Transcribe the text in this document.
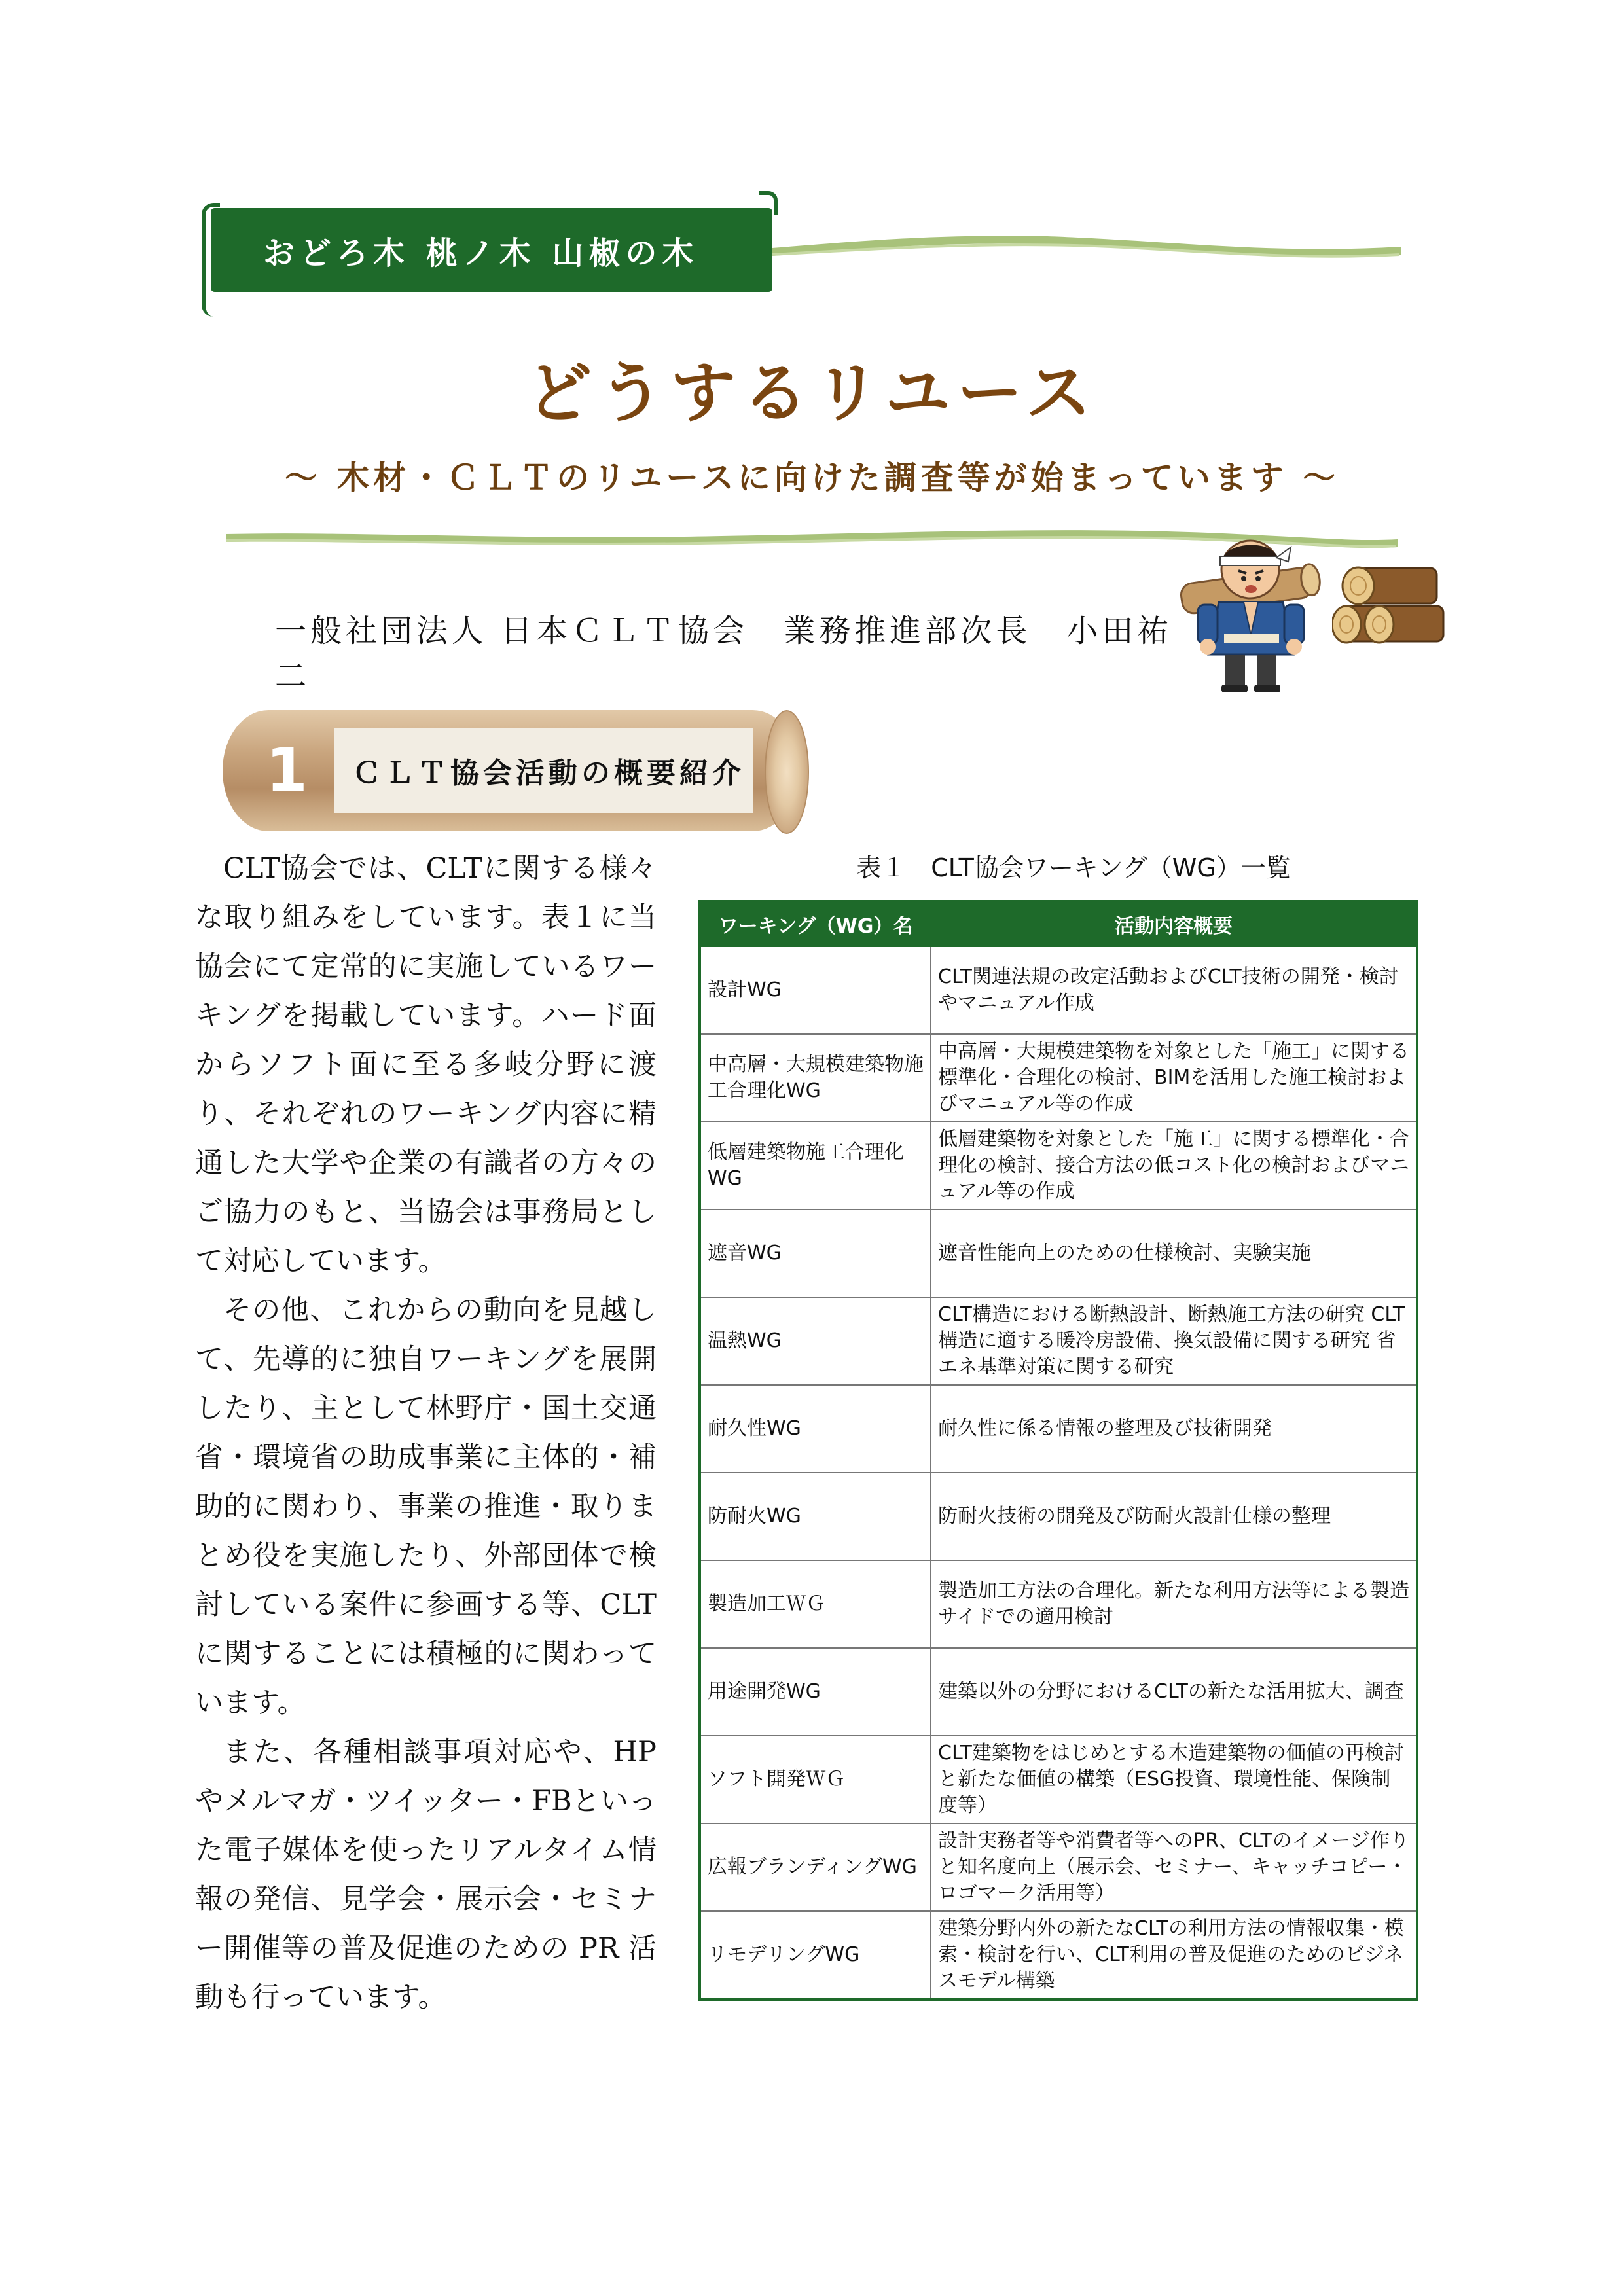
おどろ木 桃ノ木 山椒の木
どうするリユース
〜 木材・ＣＬＴのリユースに向けた調査等が始まっています 〜
一般社団法人 日本ＣＬＴ協会　業務推進部次長　小田祐二
1 ＣＬＴ協会活動の概要紹介

CLT協会では、CLTに関する様々な取り組みをしています。表１に当協会にて定常的に実施しているワーキングを掲載しています。ハード面からソフト面に至る多岐分野に渡り、それぞれのワーキング内容に精通した大学や企業の有識者の方々のご協力のもと、当協会は事務局として対応しています。

その他、これからの動向を見越して、先導的に独自ワーキングを展開したり、主として林野庁・国土交通省・環境省の助成事業に主体的・補助的に関わり、事業の推進・取りまとめ役を実施したり、外部団体で検討している案件に参画する等、CLTに関することには積極的に関わっています。

また、各種相談事項対応や、HPやメルマガ・ツイッター・FBといった電子媒体を使ったリアルタイム情報の発信、見学会・展示会・セミナー開催等の普及促進のための PR 活動も行っています。

表１　CLT協会ワーキング（WG）一覧
ワーキング（WG）名	活動内容概要
設計WG	CLT関連法規の改定活動およびCLT技術の開発・検討やマニュアル作成
中高層・大規模建築物施工合理化WG	中高層・大規模建築物を対象とした「施工」に関する標準化・合理化の検討、BIMを活用した施工検討およびマニュアル等の作成
低層建築物施工合理化WG	低層建築物を対象とした「施工」に関する標準化・合理化の検討、接合方法の低コスト化の検討およびマニュアル等の作成
遮音WG	遮音性能向上のための仕様検討、実験実施
温熱WG	CLT構造における断熱設計、断熱施工方法の研究 CLT構造に適する暖冷房設備、換気設備に関する研究 省エネ基準対策に関する研究
耐久性WG	耐久性に係る情報の整理及び技術開発
防耐火WG	防耐火技術の開発及び防耐火設計仕様の整理
製造加工ＷＧ	製造加工方法の合理化。新たな利用方法等による製造サイドでの適用検討
用途開発WG	建築以外の分野におけるCLTの新たな活用拡大、調査
ソフト開発ＷＧ	CLT建築物をはじめとする木造建築物の価値の再検討と新たな価値の構築（ESG投資、環境性能、保険制度等）
広報ブランディングWG	設計実務者等や消費者等へのPR、CLTのイメージ作りと知名度向上（展示会、セミナー、キャッチコピー・ロゴマーク活用等）
リモデリングWG	建築分野内外の新たなCLTの利用方法の情報収集・模索・検討を行い、CLT利用の普及促進のためのビジネスモデル構築
